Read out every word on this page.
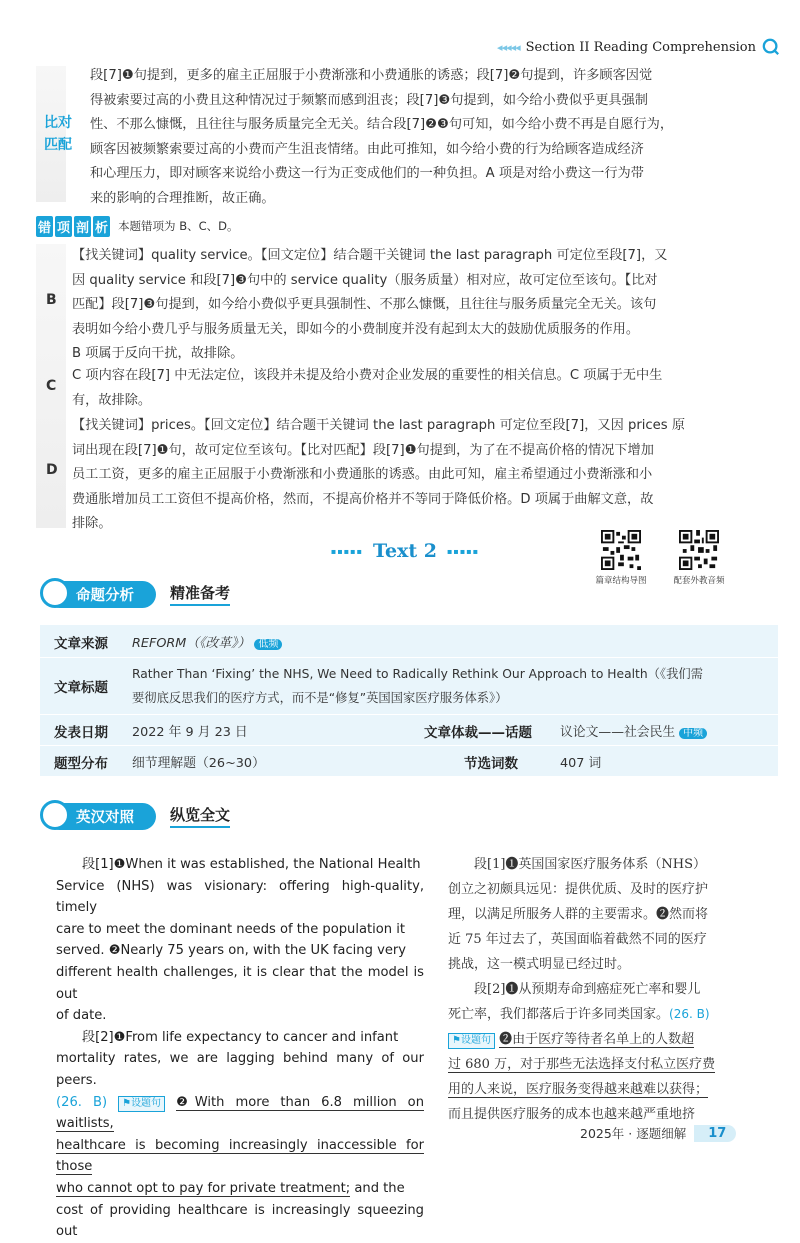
◂◂◂◂◂ Section II Reading Comprehension
比对
匹配
段[7]❶句提到，更多的雇主正屈服于小费渐涨和小费通胀的诱惑；段[7]❷句提到，许多顾客因觉
得被索要过高的小费且这种情况过于频繁而感到沮丧；段[7]❸句提到，如今给小费似乎更具强制
性、不那么慷慨，且往往与服务质量完全无关。结合段[7]❷❸句可知，如今给小费不再是自愿行为，
顾客因被频繁索要过高的小费而产生沮丧情绪。由此可推知，如今给小费的行为给顾客造成经济
和心理压力，即对顾客来说给小费这一行为正变成他们的一种负担。A 项是对给小费这一行为带
来的影响的合理推断，故正确。
错 项 剖 析 本题错项为 B、C、D。
B
【找关键词】quality service。【回文定位】结合题干关键词 the last paragraph 可定位至段[7]，又
因 quality service 和段[7]❸句中的 service quality（服务质量）相对应，故可定位至该句。【比对
匹配】段[7]❸句提到，如今给小费似乎更具强制性、不那么慷慨，且往往与服务质量完全无关。该句
表明如今给小费几乎与服务质量无关，即如今的小费制度并没有起到太大的鼓励优质服务的作用。
B 项属于反向干扰，故排除。
C
C 项内容在段[7] 中无法定位，该段并未提及给小费对企业发展的重要性的相关信息。C 项属于无中生
有，故排除。
D
【找关键词】prices。【回文定位】结合题干关键词 the last paragraph 可定位至段[7]，又因 prices 原
词出现在段[7]❶句，故可定位至该句。【比对匹配】段[7]❶句提到，为了在不提高价格的情况下增加
员工工资，更多的雇主正屈服于小费渐涨和小费通胀的诱惑。由此可知，雇主希望通过小费渐涨和小
费通胀增加员工工资但不提高价格，然而，不提高价格并不等同于降低价格。D 项属于曲解文意，故
排除。
▪▪▪▪▪ Text 2 ▪▪▪▪▪
篇章结构导图	配套外教音频
命题分析	精准备考
文章来源 REFORM（《改革》） 低频
文章标题
Rather Than ‘Fixing’ the NHS, We Need to Radically Rethink Our Approach to Health（《我们需
要彻底反思我们的医疗方式，而不是“修复”英国国家医疗服务体系》）
发表日期 2022 年 9 月 23 日	文章体裁——话题 议论文——社会民生 中频
题型分布 细节理解题（26~30）	节选词数	407 词
英汉对照	纵览全文
段[1]❶When it was established, the National Health
Service (NHS) was visionary: offering high-quality, timely
care to meet the dominant needs of the population it
served. ❷Nearly 75 years on, with the UK facing very
different health challenges, it is clear that the model is out
of date.
段[2]❶From life expectancy to cancer and infant
mortality rates, we are lagging behind many of our peers.
(26. B) ⚑设题句 ❷With more than 6.8 million on waitlists,
healthcare is becoming increasingly inaccessible for those
who cannot opt to pay for private treatment; and the
cost of providing healthcare is increasingly squeezing out
段[1]❶英国国家医疗服务体系（NHS）
创立之初颇具远见：提供优质、及时的医疗护
理，以满足所服务人群的主要需求。❷然而将
近 75 年过去了，英国面临着截然不同的医疗
挑战，这一模式明显已经过时。
段[2]❶从预期寿命到癌症死亡率和婴儿
死亡率，我们都落后于许多同类国家。(26. B)
⚑设题句 ❷由于医疗等待者名单上的人数超
过 680 万，对于那些无法选择支付私立医疗费
用的人来说，医疗服务变得越来越难以获得；
而且提供医疗服务的成本也越来越严重地挤
2025年 · 逐题细解	17
